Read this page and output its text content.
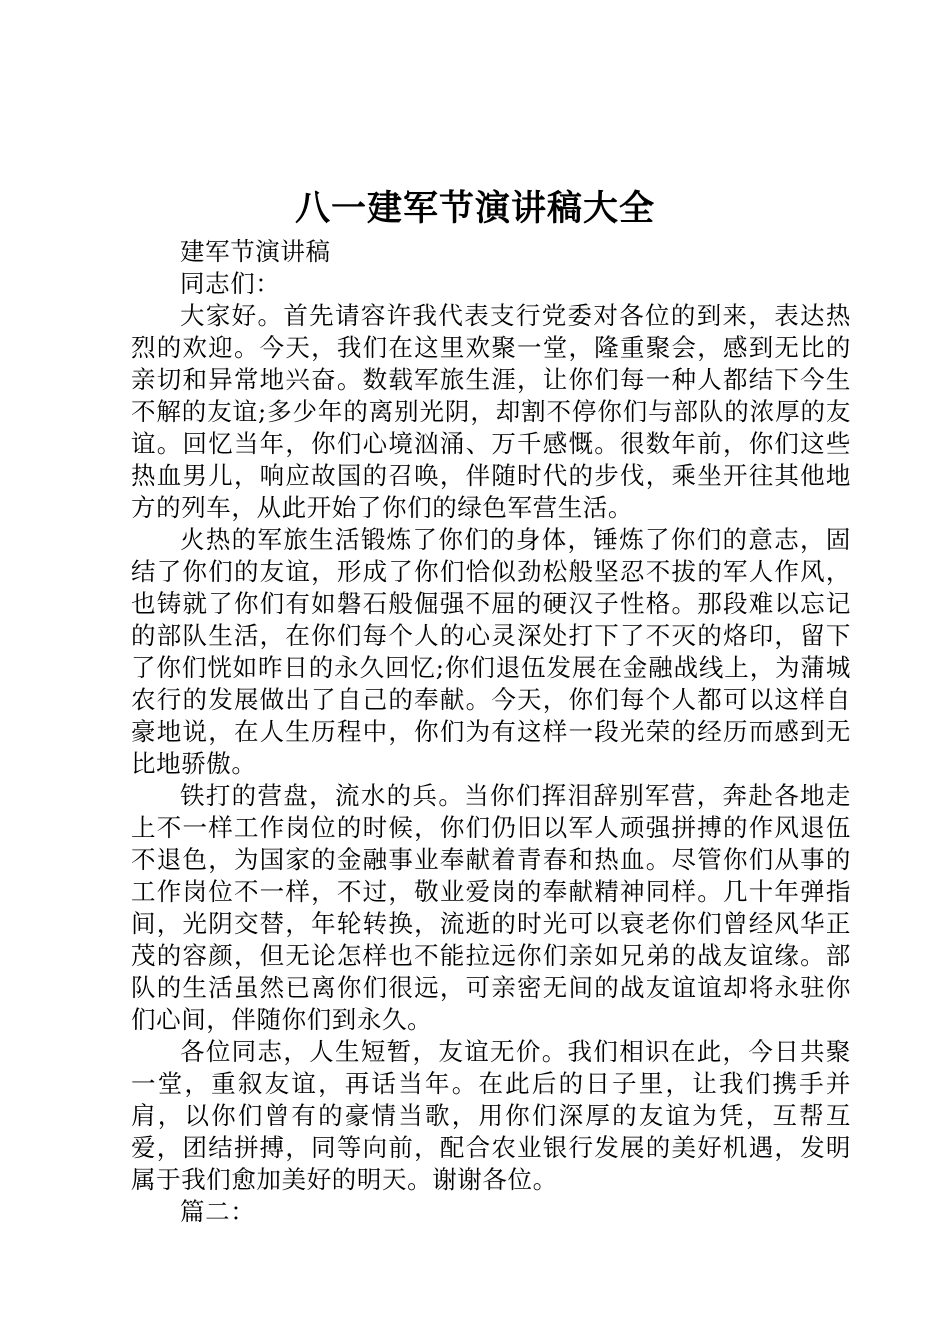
八一建军节演讲稿大全

建军节演讲稿

同志们：

大家好。首先请容许我代表支行党委对各位的到来，表达热烈的欢迎。今天，我们在这里欢聚一堂，隆重聚会，感到无比的亲切和异常地兴奋。数载军旅生涯，让你们每一种人都结下今生不解的友谊;多少年的离别光阴，却割不停你们与部队的浓厚的友谊。回忆当年，你们心境汹涌、万千感慨。很数年前，你们这些热血男儿，响应故国的召唤，伴随时代的步伐，乘坐开往其他地方的列车，从此开始了你们的绿色军营生活。

火热的军旅生活锻炼了你们的身体，锤炼了你们的意志，固结了你们的友谊，形成了你们恰似劲松般坚忍不拔的军人作风，也铸就了你们有如磐石般倔强不屈的硬汉子性格。那段难以忘记的部队生活，在你们每个人的心灵深处打下了不灭的烙印，留下了你们恍如昨日的永久回忆;你们退伍发展在金融战线上，为蒲城农行的发展做出了自己的奉献。今天，你们每个人都可以这样自豪地说，在人生历程中，你们为有这样一段光荣的经历而感到无比地骄傲。

铁打的营盘，流水的兵。当你们挥泪辞别军营，奔赴各地走上不一样工作岗位的时候，你们仍旧以军人顽强拼搏的作风退伍不退色，为国家的金融事业奉献着青春和热血。尽管你们从事的工作岗位不一样，不过，敬业爱岗的奉献精神同样。几十年弹指间，光阴交替，年轮转换，流逝的时光可以衰老你们曾经风华正茂的容颜，但无论怎样也不能拉远你们亲如兄弟的战友谊缘。部队的生活虽然已离你们很远，可亲密无间的战友谊谊却将永驻你们心间，伴随你们到永久。

各位同志，人生短暂，友谊无价。我们相识在此，今日共聚一堂，重叙友谊，再话当年。在此后的日子里，让我们携手并肩，以你们曾有的豪情当歌，用你们深厚的友谊为凭，互帮互爱，团结拼搏，同等向前，配合农业银行发展的美好机遇，发明属于我们愈加美好的明天。谢谢各位。

篇二：
